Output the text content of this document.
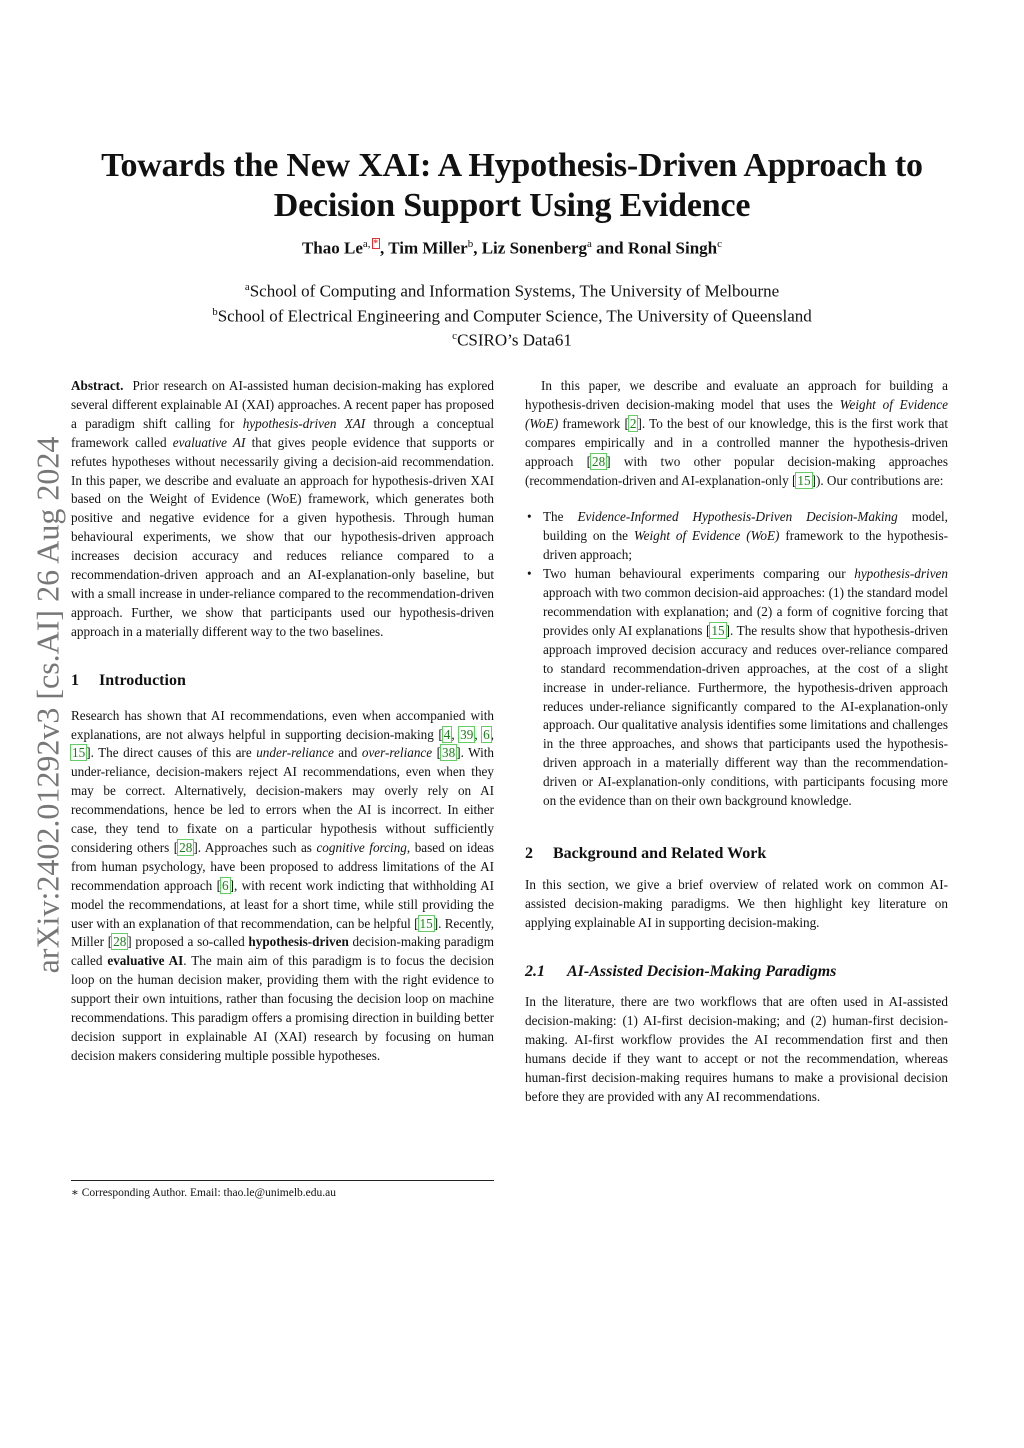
arXiv:2402.01292v3 [cs.AI] 26 Aug 2024
Towards the New XAI: A Hypothesis-Driven Approach to
Decision Support Using Evidence
Thao $Le^{a,}$ * , Tim Miller$^b$, Liz Sonenberg$^a$ and Ronal Singh$^c$
$^a$School of Computing and Information Systems, The University of Melbourne
$^b$School of Electrical Engineering and Computer Science, The University of Queensland
$^c$CSIRO’s Data61

Abstract.  Prior research on AI-assisted human decision-making has explored several different explainable AI (XAI) approaches. A recent paper has proposed a paradigm shift calling for hypothesis-driven XAI through a conceptual framework called evaluative AI that gives people evidence that supports or refutes hypotheses without necessarily giving a decision-aid recommendation. In this paper, we describe and evaluate an approach for hypothesis-driven XAI based on the Weight of Evidence (WoE) framework, which generates both positive and negative evidence for a given hypothesis. Through human behavioural experiments, we show that our hypothesis-driven approach increases decision accuracy and reduces reliance compared to a recommendation-driven approach and an AI-explanation-only baseline, but with a small increase in under-reliance compared to the recommendation-driven approach. Further, we show that participants used our hypothesis-driven approach in a materially different way to the two baselines.

1 Introduction

Research has shown that AI recommendations, even when accompanied with explanations, are not always helpful in supporting decision-making [4, 39, 6, 15]. The direct causes of this are under-reliance and over-reliance [38]. With under-reliance, decision-makers reject AI recommendations, even when they may be correct. Alternatively, decision-makers may overly rely on AI recommendations, hence be led to errors when the AI is incorrect. In either case, they tend to fixate on a particular hypothesis without sufficiently considering others [28]. Approaches such as cognitive forcing, based on ideas from human psychology, have been proposed to address limitations of the AI recommendation approach [6], with recent work indicting that withholding AI model the recommendations, at least for a short time, while still providing the user with an explanation of that recommendation, can be helpful [15]. Recently, Miller [28] proposed a so-called hypothesis-driven decision-making paradigm called evaluative AI. The main aim of this paradigm is to focus the decision loop on the human decision maker, providing them with the right evidence to support their own intuitions, rather than focusing the decision loop on machine recommendations. This paradigm offers a promising direction in building better decision support in explainable AI (XAI) research by focusing on human decision makers considering multiple possible hypotheses.

∗ Corresponding Author. Email: thao.le@unimelb.edu.au

In this paper, we describe and evaluate an approach for building a hypothesis-driven decision-making model that uses the Weight of Evidence (WoE) framework [2]. To the best of our knowledge, this is the first work that compares empirically and in a controlled manner the hypothesis-driven approach [28] with two other popular decision-making approaches (recommendation-driven and AI-explanation-only [15]). Our contributions are:

• The Evidence-Informed Hypothesis-Driven Decision-Making model, building on the Weight of Evidence (WoE) framework to the hypothesis-driven approach;
• Two human behavioural experiments comparing our hypothesis-driven approach with two common decision-aid approaches: (1) the standard model recommendation with explanation; and (2) a form of cognitive forcing that provides only AI explanations [15]. The results show that hypothesis-driven approach improved decision accuracy and reduces over-reliance compared to standard recommendation-driven approaches, at the cost of a slight increase in under-reliance. Furthermore, the hypothesis-driven approach reduces under-reliance significantly compared to the AI-explanation-only approach. Our qualitative analysis identifies some limitations and challenges in the three approaches, and shows that participants used the hypothesis-driven approach in a materially different way than the recommendation-driven or AI-explanation-only conditions, with participants focusing more on the evidence than on their own background knowledge.
2 Background and Related Work

In this section, we give a brief overview of related work on common AI-assisted decision-making paradigms. We then highlight key literature on applying explainable AI in supporting decision-making.

2.1 AI-Assisted Decision-Making Paradigms

In the literature, there are two workflows that are often used in AI-assisted decision-making: (1) AI-first decision-making; and (2) human-first decision-making. AI-first workflow provides the AI recommendation first and then humans decide if they want to accept or not the recommendation, whereas human-first decision-making requires humans to make a provisional decision before they are provided with any AI recommendations.
